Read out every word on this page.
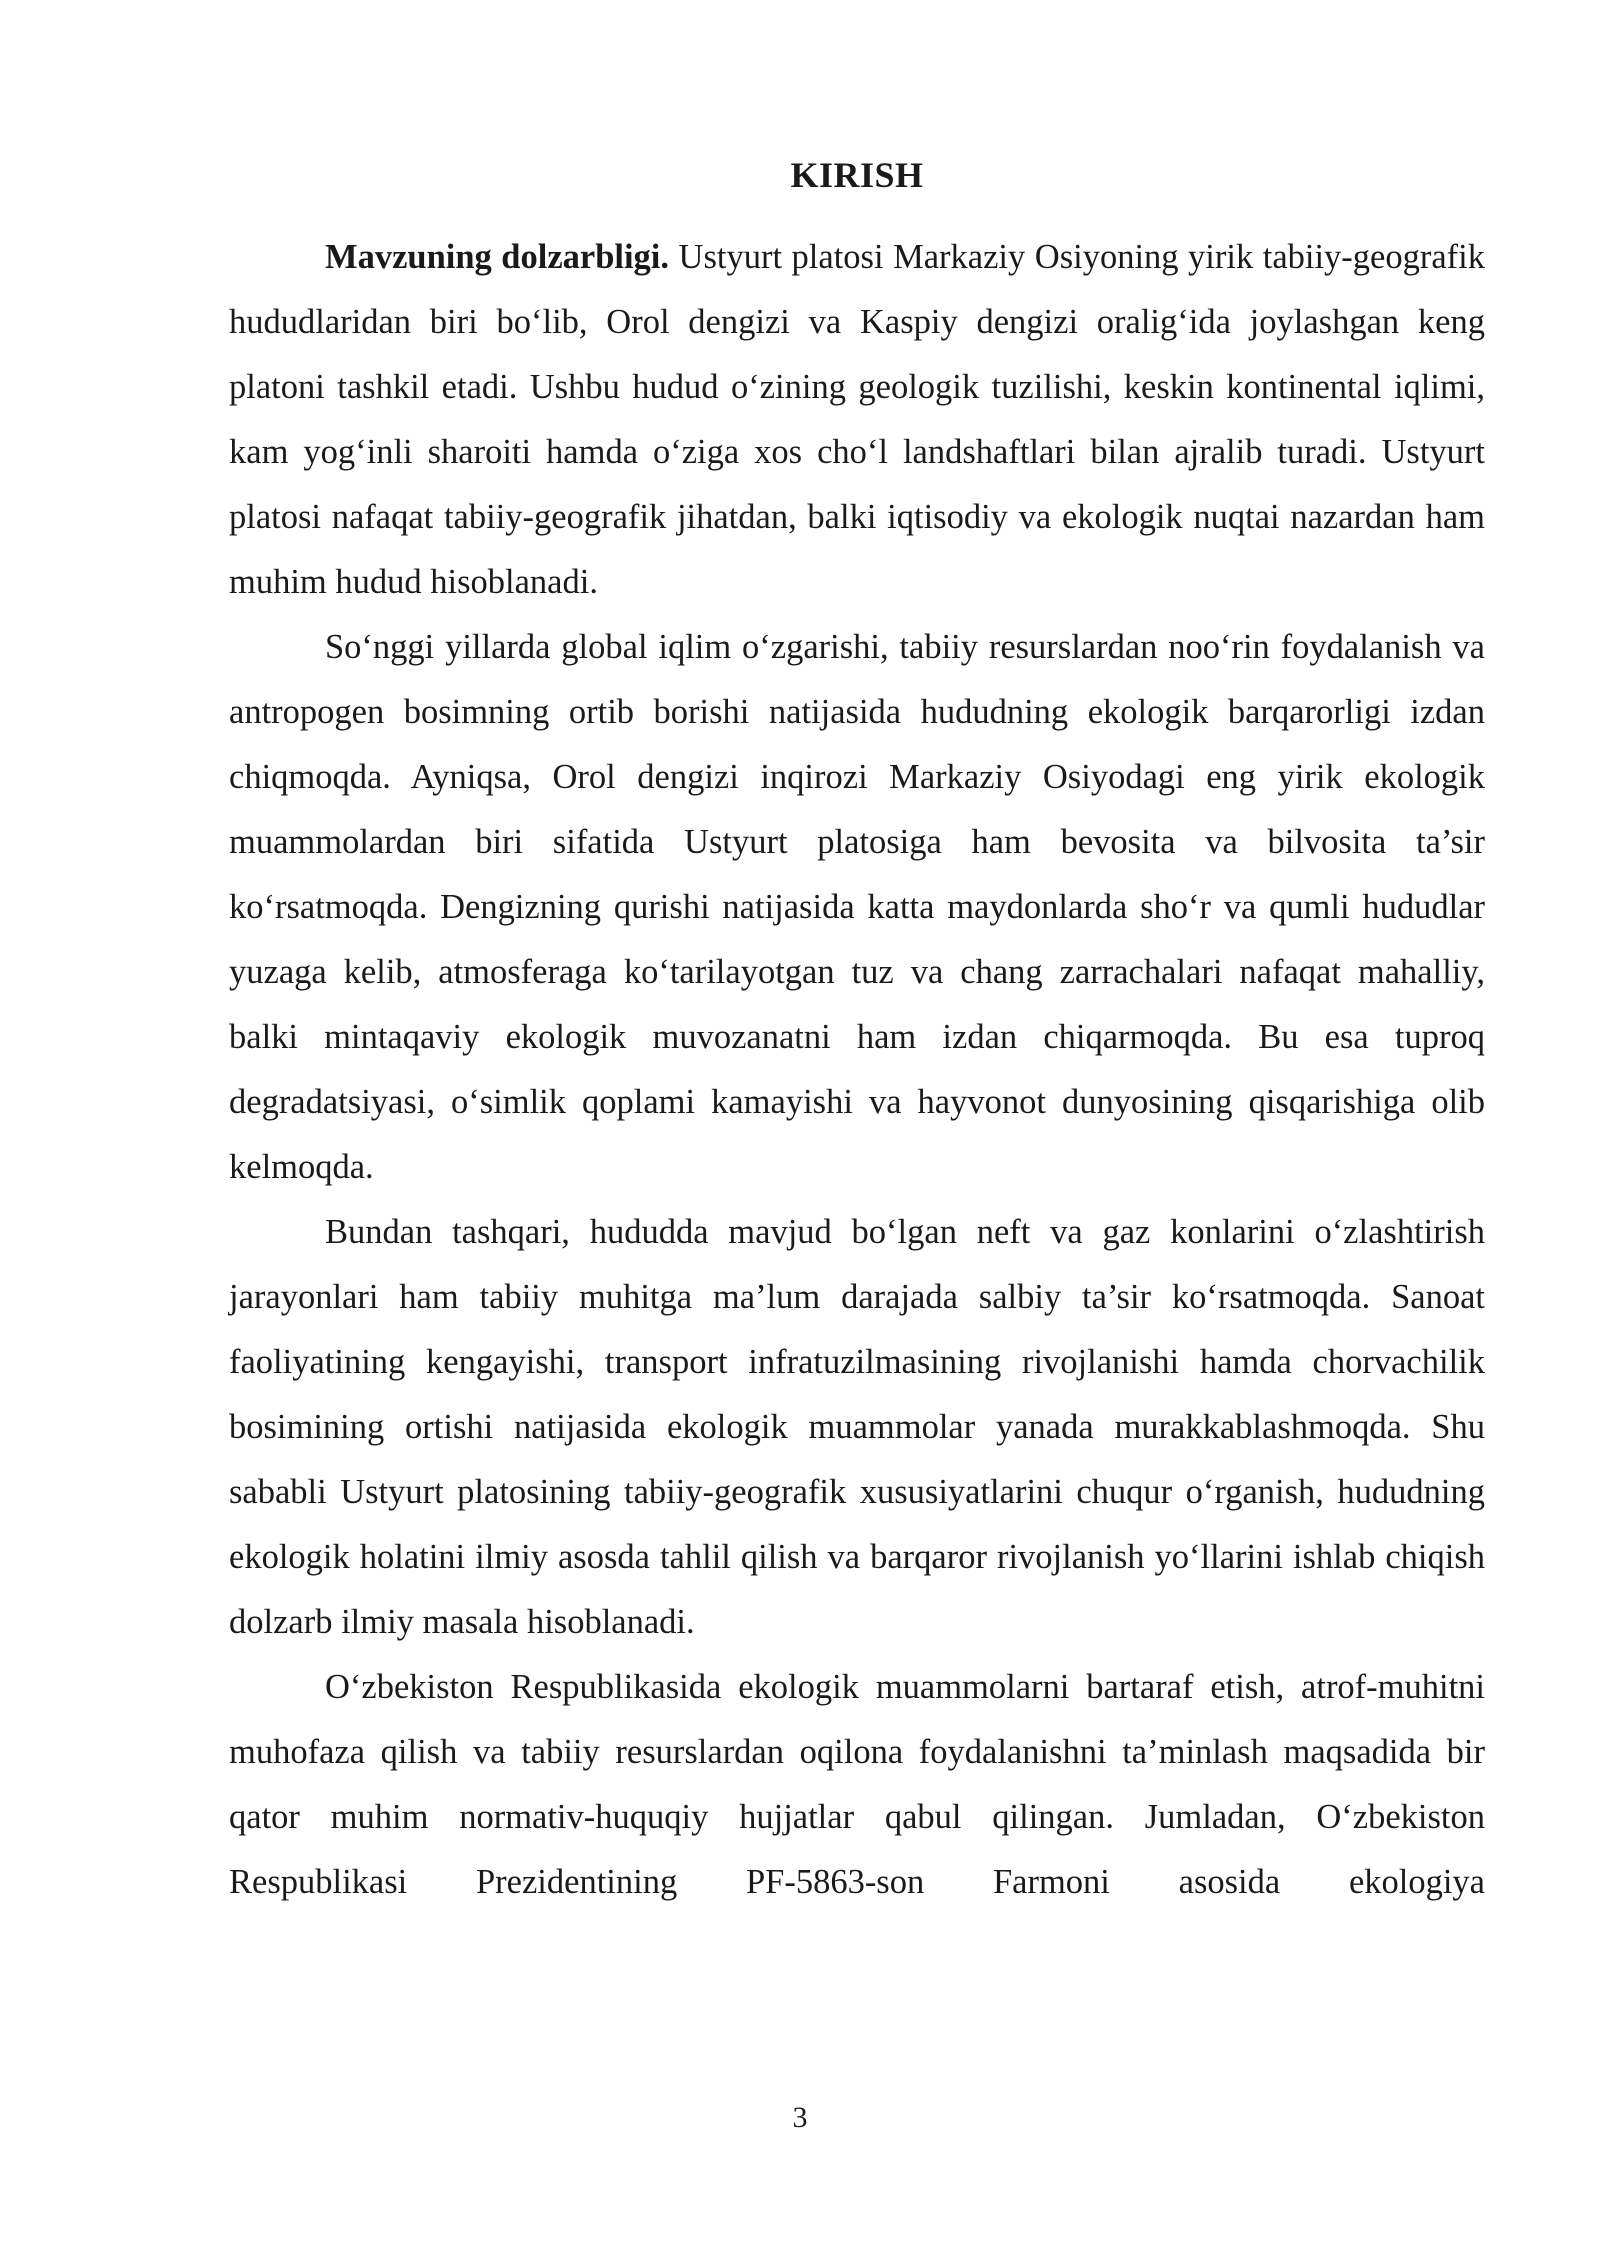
KIRISH

Mavzuning dolzarbligi. Ustyurt platosi Markaziy Osiyoning yirik tabiiy-geografik hududlaridan biri bo‘lib, Orol dengizi va Kaspiy dengizi oralig‘ida joylashgan keng platoni tashkil etadi. Ushbu hudud o‘zining geologik tuzilishi, keskin kontinental iqlimi, kam yog‘inli sharoiti hamda o‘ziga xos cho‘l landshaftlari bilan ajralib turadi. Ustyurt platosi nafaqat tabiiy-geografik jihatdan, balki iqtisodiy va ekologik nuqtai nazardan ham muhim hudud hisoblanadi.

So‘nggi yillarda global iqlim o‘zgarishi, tabiiy resurslardan noo‘rin foydalanish va antropogen bosimning ortib borishi natijasida hududning ekologik barqarorligi izdan chiqmoqda. Ayniqsa, Orol dengizi inqirozi Markaziy Osiyodagi eng yirik ekologik muammolardan biri sifatida Ustyurt platosiga ham bevosita va bilvosita ta’sir ko‘rsatmoqda. Dengizning qurishi natijasida katta maydonlarda sho‘r va qumli hududlar yuzaga kelib, atmosferaga ko‘tarilayotgan tuz va chang zarrachalari nafaqat mahalliy, balki mintaqaviy ekologik muvozanatni ham izdan chiqarmoqda. Bu esa tuproq degradatsiyasi, o‘simlik qoplami kamayishi va hayvonot dunyosining qisqarishiga olib kelmoqda.

Bundan tashqari, hududda mavjud bo‘lgan neft va gaz konlarini o‘zlashtirish jarayonlari ham tabiiy muhitga ma’lum darajada salbiy ta’sir ko‘rsatmoqda. Sanoat faoliyatining kengayishi, transport infratuzilmasining rivojlanishi hamda chorvachilik bosimining ortishi natijasida ekologik muammolar yanada murakkablashmoqda. Shu sababli Ustyurt platosining tabiiy-geografik xususiyatlarini chuqur o‘rganish, hududning ekologik holatini ilmiy asosda tahlil qilish va barqaror rivojlanish yo‘llarini ishlab chiqish dolzarb ilmiy masala hisoblanadi.

O‘zbekiston Respublikasida ekologik muammolarni bartaraf etish, atrof-muhitni muhofaza qilish va tabiiy resurslardan oqilona foydalanishni ta’minlash maqsadida bir qator muhim normativ-huquqiy hujjatlar qabul qilingan. Jumladan, O‘zbekiston Respublikasi Prezidentining PF-5863-son Farmoni asosida ekologiya

3
